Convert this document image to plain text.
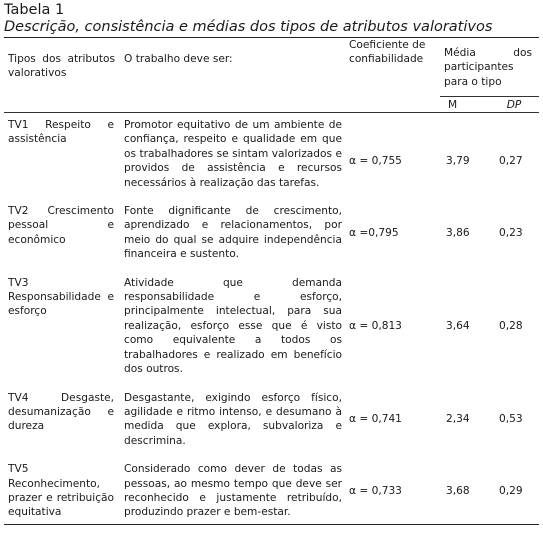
Tabela 1

Descrição, consistência e médias dos tipos de atributos valorativos

Tipos dos atributos valorativos	O trabalho deve ser:	Coeficiente de confiabilidade	Média dos
participantes para o tipo	

			M	DP
TV1 Respeito e assistência	Promotor equitativo de um ambiente de confiança, respeito e qualidade em que os trabalhadores se sintam valorizados e providos de assistência e recursos necessários à realização das tarefas.	α = 0,755	3,79	0,27
TV2 Crescimento pessoal e econômico	Fonte dignificante de crescimento, aprendizado e relacionamentos, por meio do qual se adquire independência financeira e sustento.	α =0,795	3,86	0,23
TV3 Responsabilidade e esforço	Atividade que demanda responsabilidade e esforço, principalmente intelectual, para sua realização, esforço esse que é visto como equivalente a todos os trabalhadores e realizado em benefício dos outros.	α = 0,813	3,64	0,28
TV4 Desgaste, desumanização e dureza	Desgastante, exigindo esforço físico, agilidade e ritmo intenso, e desumano à medida que explora, subvaloriza e descrimina.	α = 0,741	2,34	0,53
TV5 Reconhecimento, prazer e retribuição equitativa	Considerado como dever de todas as pessoas, ao mesmo tempo que deve ser reconhecido e justamente retribuído, produzindo prazer e bem-estar.	α = 0,733	3,68	0,29
